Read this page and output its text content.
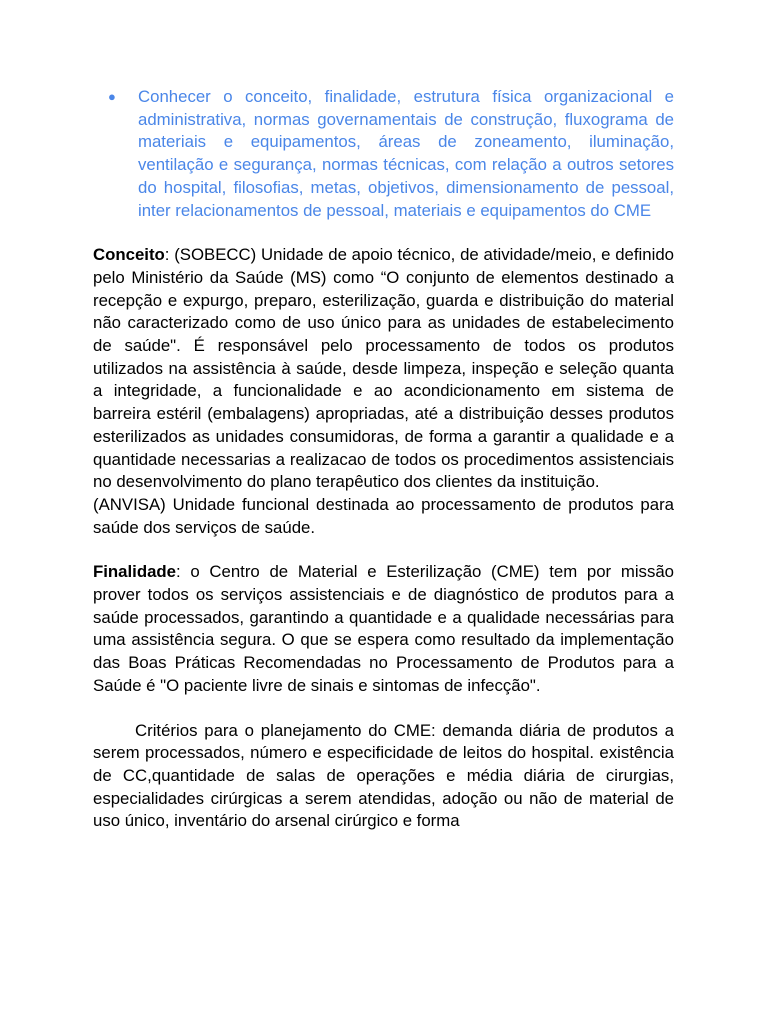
● Conhecer o conceito, finalidade, estrutura física organizacional e administrativa, normas governamentais de construção, fluxograma de materiais e equipamentos, áreas de zoneamento, iluminação, ventilação e segurança, normas técnicas, com relação a outros setores do hospital, filosofias, metas, objetivos, dimensionamento de pessoal, inter relacionamentos de pessoal, materiais e equipamentos do CME

Conceito: (SOBECC) Unidade de apoio técnico, de atividade/meio, e definido pelo Ministério da Saúde (MS) como “O conjunto de elementos destinado a recepção e expurgo, preparo, esterilização, guarda e distribuição do material não caracterizado como de uso único para as unidades de estabelecimento de saúde". É responsável pelo processamento de todos os produtos utilizados na assistência à saúde, desde limpeza, inspeção e seleção quanta a integridade, a funcionalidade e ao acondicionamento em sistema de barreira estéril (embalagens) apropriadas, até a distribuição desses produtos esterilizados as unidades consumidoras, de forma a garantir a qualidade e a quantidade necessarias a realizacao de todos os procedimentos assistenciais no desenvolvimento do plano terapêutico dos clientes da instituição.

(ANVISA) Unidade funcional destinada ao processamento de produtos para saúde dos serviços de saúde.

Finalidade: o Centro de Material e Esterilização (CME) tem por missão prover todos os serviços assistenciais e de diagnóstico de produtos para a saúde processados, garantindo a quantidade e a qualidade necessárias para uma assistência segura. O que se espera como resultado da implementação das Boas Práticas Recomendadas no Processamento de Produtos para a Saúde é "O paciente livre de sinais e sintomas de infecção".

Critérios para o planejamento do CME: demanda diária de produtos a serem processados, número e especificidade de leitos do hospital. existência de CC,quantidade de salas de operações e média diária de cirurgias, especialidades cirúrgicas a serem atendidas, adoção ou não de material de uso único, inventário do arsenal cirúrgico e forma
